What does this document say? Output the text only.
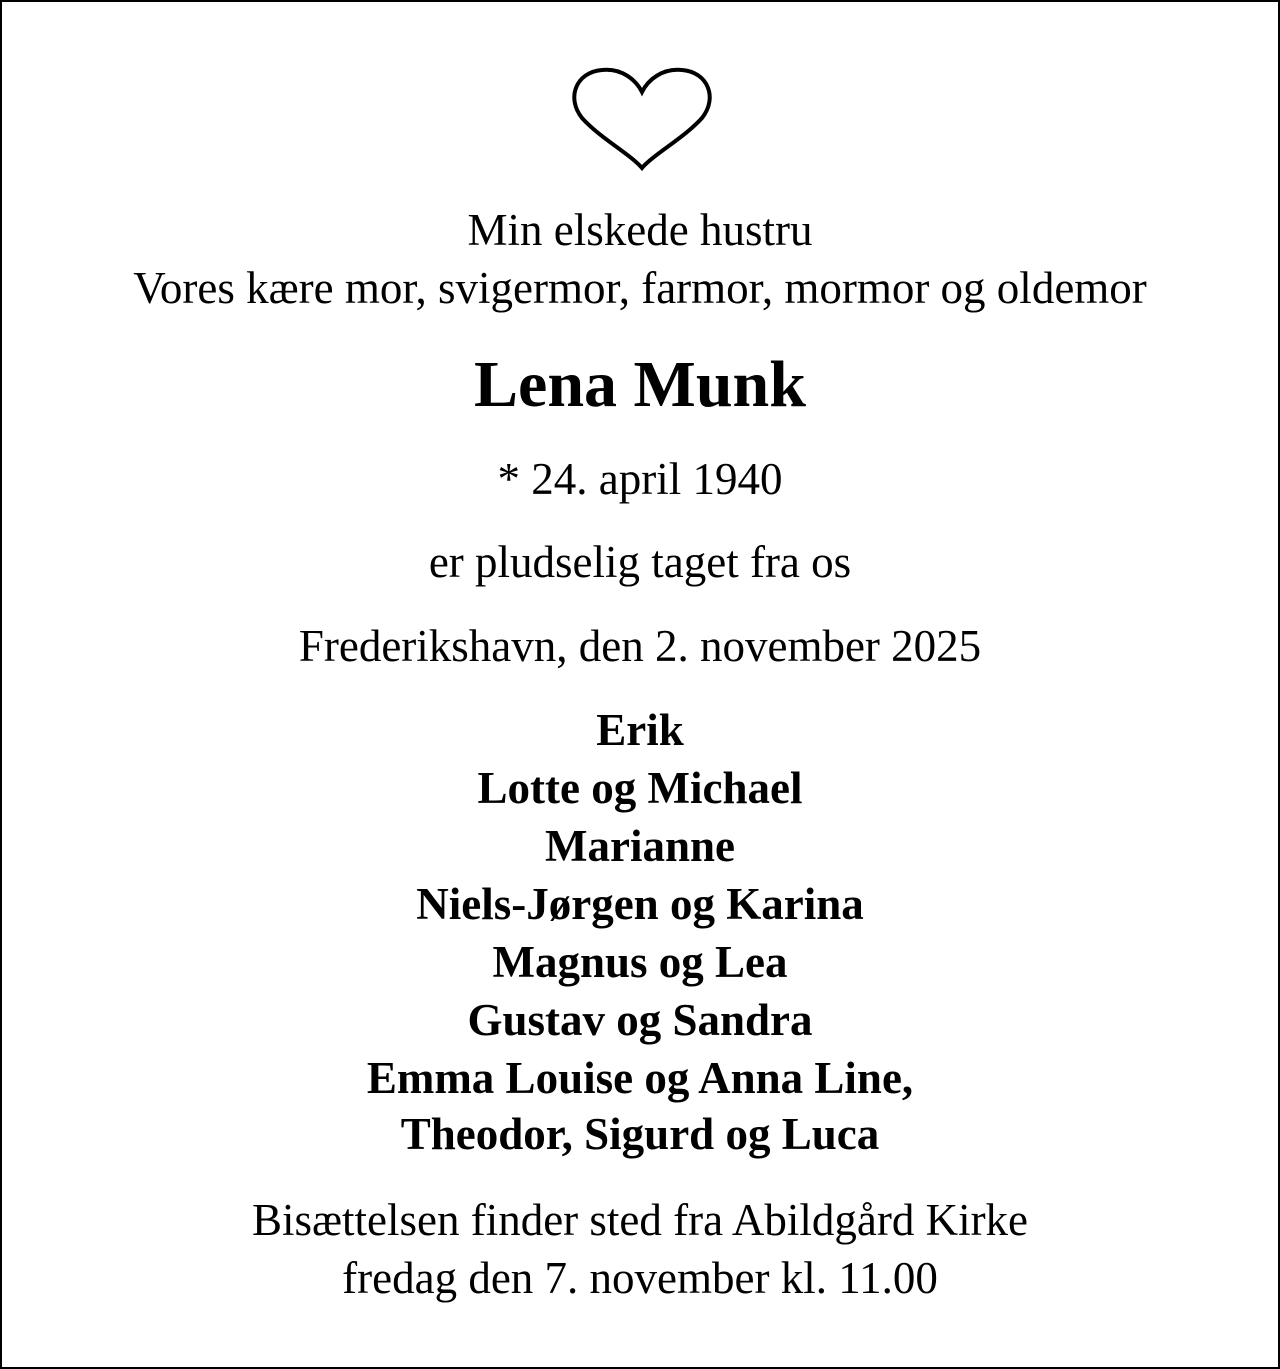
Min elskede hustru
Vores kære mor, svigermor, farmor, mormor og oldemor
Lena Munk
* 24. april 1940
er pludselig taget fra os
Frederikshavn, den 2. november 2025
Erik
Lotte og Michael
Marianne
Niels-Jørgen og Karina
Magnus og Lea
Gustav og Sandra
Emma Louise og Anna Line,
Theodor, Sigurd og Luca
Bisættelsen finder sted fra Abildgård Kirke
fredag den 7. november kl. 11.00
